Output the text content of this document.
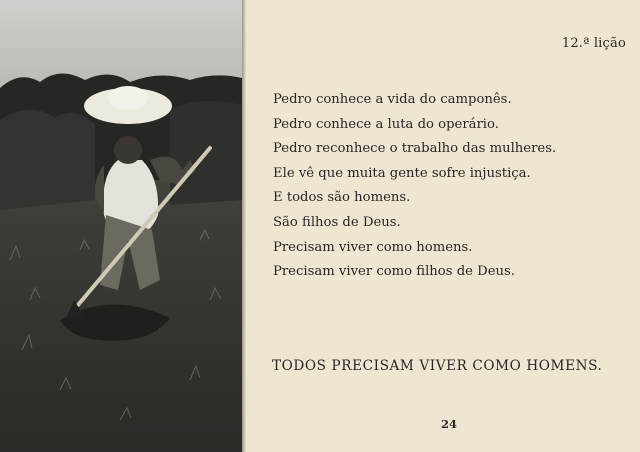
12.ª lição
Pedro conhece a vida do camponês.
Pedro conhece a luta do operário.
Pedro reconhece o trabalho das mulheres.
Ele vê que muita gente sofre injustiça.
E todos são homens.
São filhos de Deus.
Precisam viver como homens.
Precisam viver como filhos de Deus.
TODOS PRECISAM VIVER COMO HOMENS.
24
